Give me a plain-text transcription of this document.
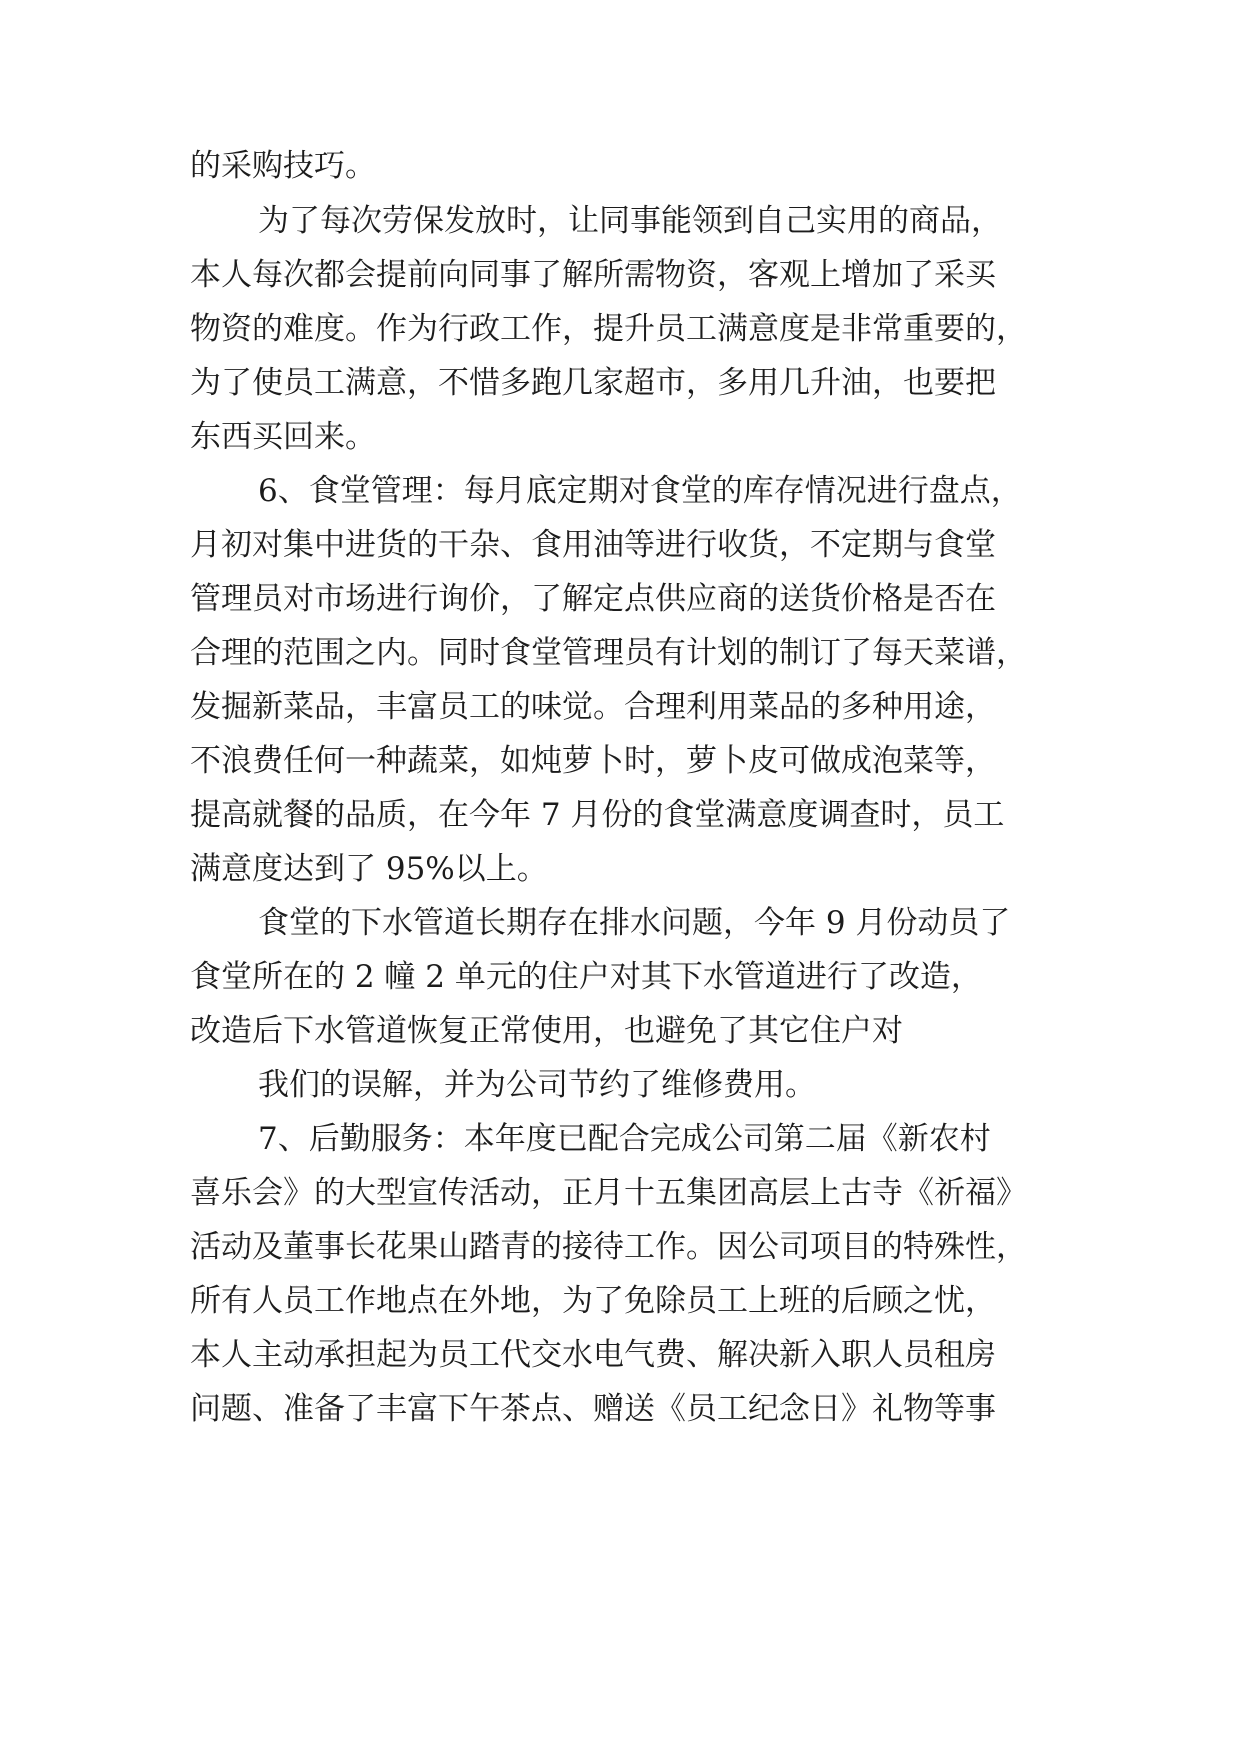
的采购技巧。
为了每次劳保发放时，让同事能领到自己实用的商品，
本人每次都会提前向同事了解所需物资，客观上增加了采买
物资的难度。作为行政工作，提升员工满意度是非常重要的，
为了使员工满意，不惜多跑几家超市，多用几升油，也要把
东西买回来。
6、食堂管理：每月底定期对食堂的库存情况进行盘点，
月初对集中进货的干杂、食用油等进行收货，不定期与食堂
管理员对市场进行询价，了解定点供应商的送货价格是否在
合理的范围之内。同时食堂管理员有计划的制订了每天菜谱，
发掘新菜品，丰富员工的味觉。合理利用菜品的多种用途，
不浪费任何一种蔬菜，如炖萝卜时，萝卜皮可做成泡菜等，
提高就餐的品质，在今年 7 月份的食堂满意度调查时，员工
满意度达到了 95%以上。
食堂的下水管道长期存在排水问题，今年 9 月份动员了
食堂所在的 2 幢 2 单元的住户对其下水管道进行了改造，
改造后下水管道恢复正常使用，也避免了其它住户对
我们的误解，并为公司节约了维修费用。
7、后勤服务：本年度已配合完成公司第二届《新农村
喜乐会》的大型宣传活动，正月十五集团高层上古寺《祈福》
活动及董事长花果山踏青的接待工作。因公司项目的特殊性，
所有人员工作地点在外地，为了免除员工上班的后顾之忧，
本人主动承担起为员工代交水电气费、解决新入职人员租房
问题、准备了丰富下午茶点、赠送《员工纪念日》礼物等事
